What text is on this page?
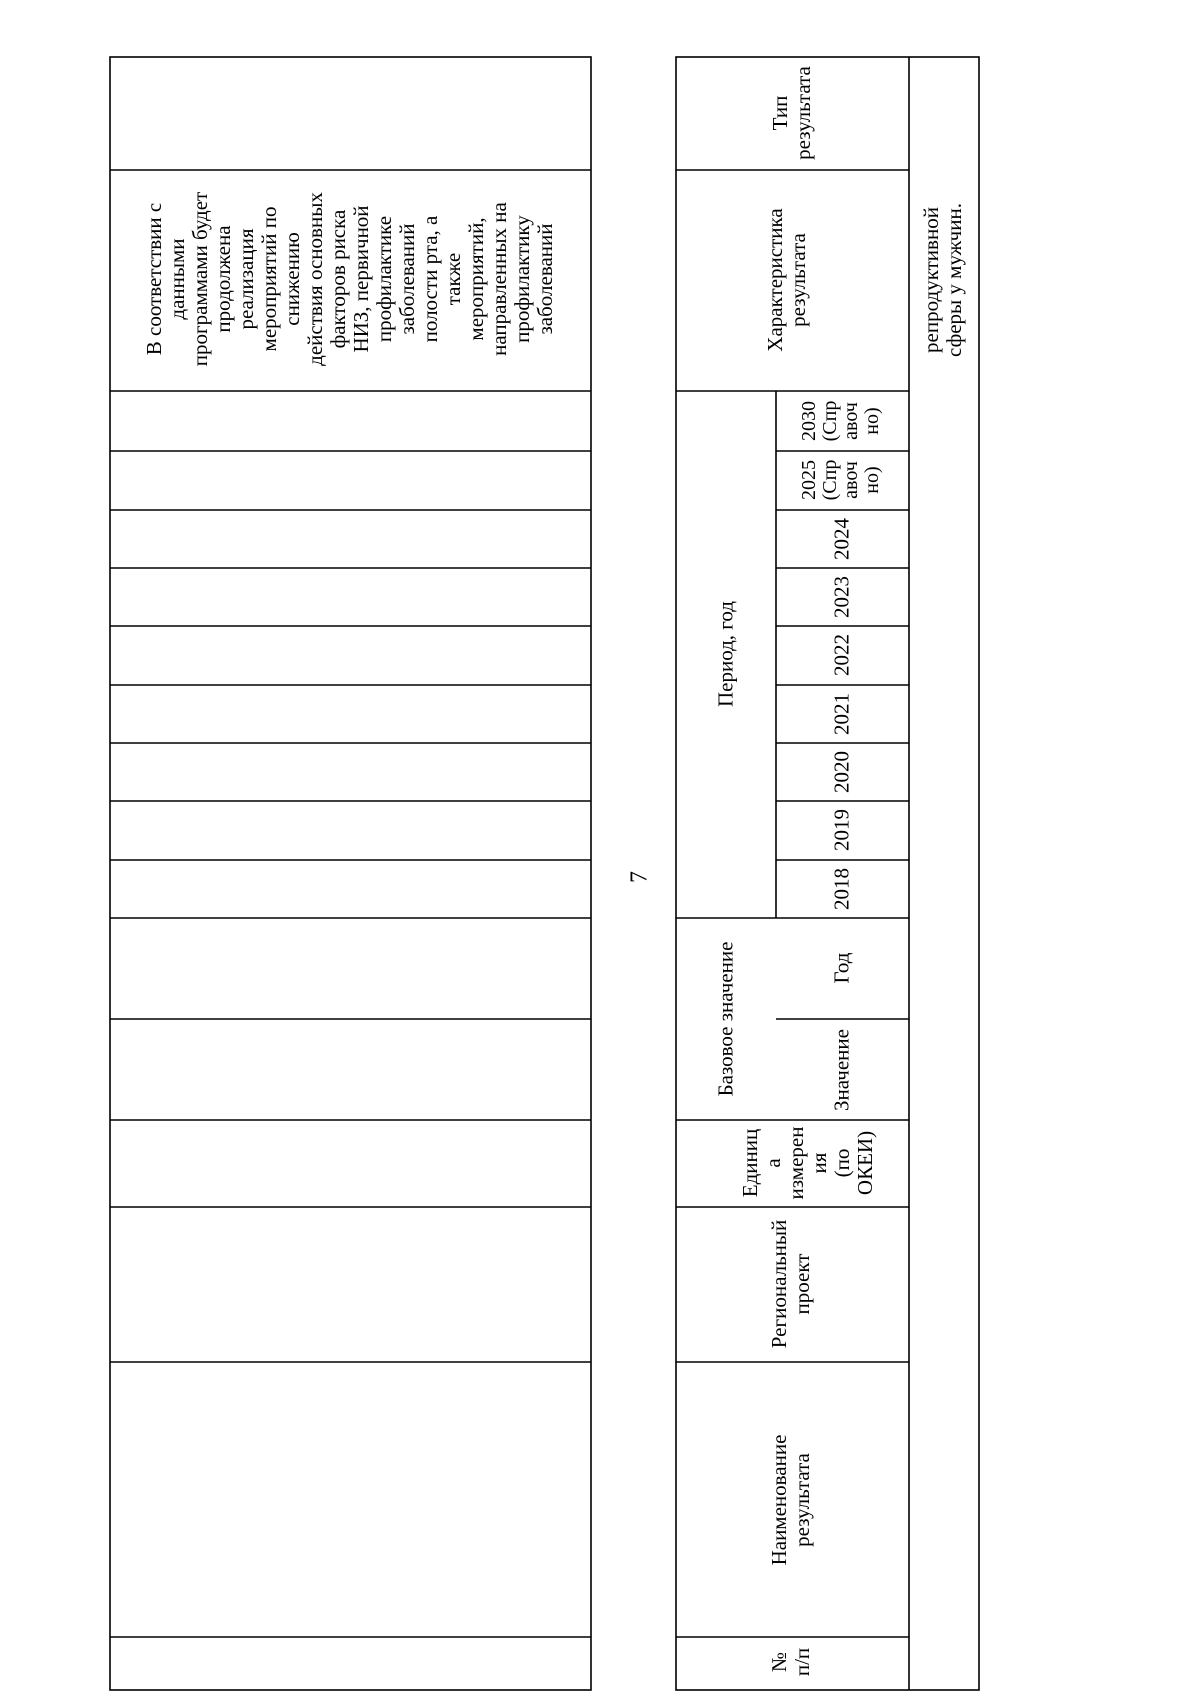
В соответствии с
данными
программами будет
продолжена
реализация
мероприятий по
снижению
действия основных
факторов риска
НИЗ, первичной
профилактике
заболеваний
полости рта, а
также
мероприятий,
направленных на
профилактику
заболеваний
7
Характеристика
результата
Тип
результата
Период, год
2018
2019
2020
2021
2022
2023
2024
2025
(Спр
авоч
но)
2030
(Спр
авоч
но)
Базовое значение	Год
Значение
Единиц
а
измерен
ия
(по
ОКЕИ)
Региональный
проект
Наименование
результата
№
п/п
репродуктивной
сферы у мужчин.
